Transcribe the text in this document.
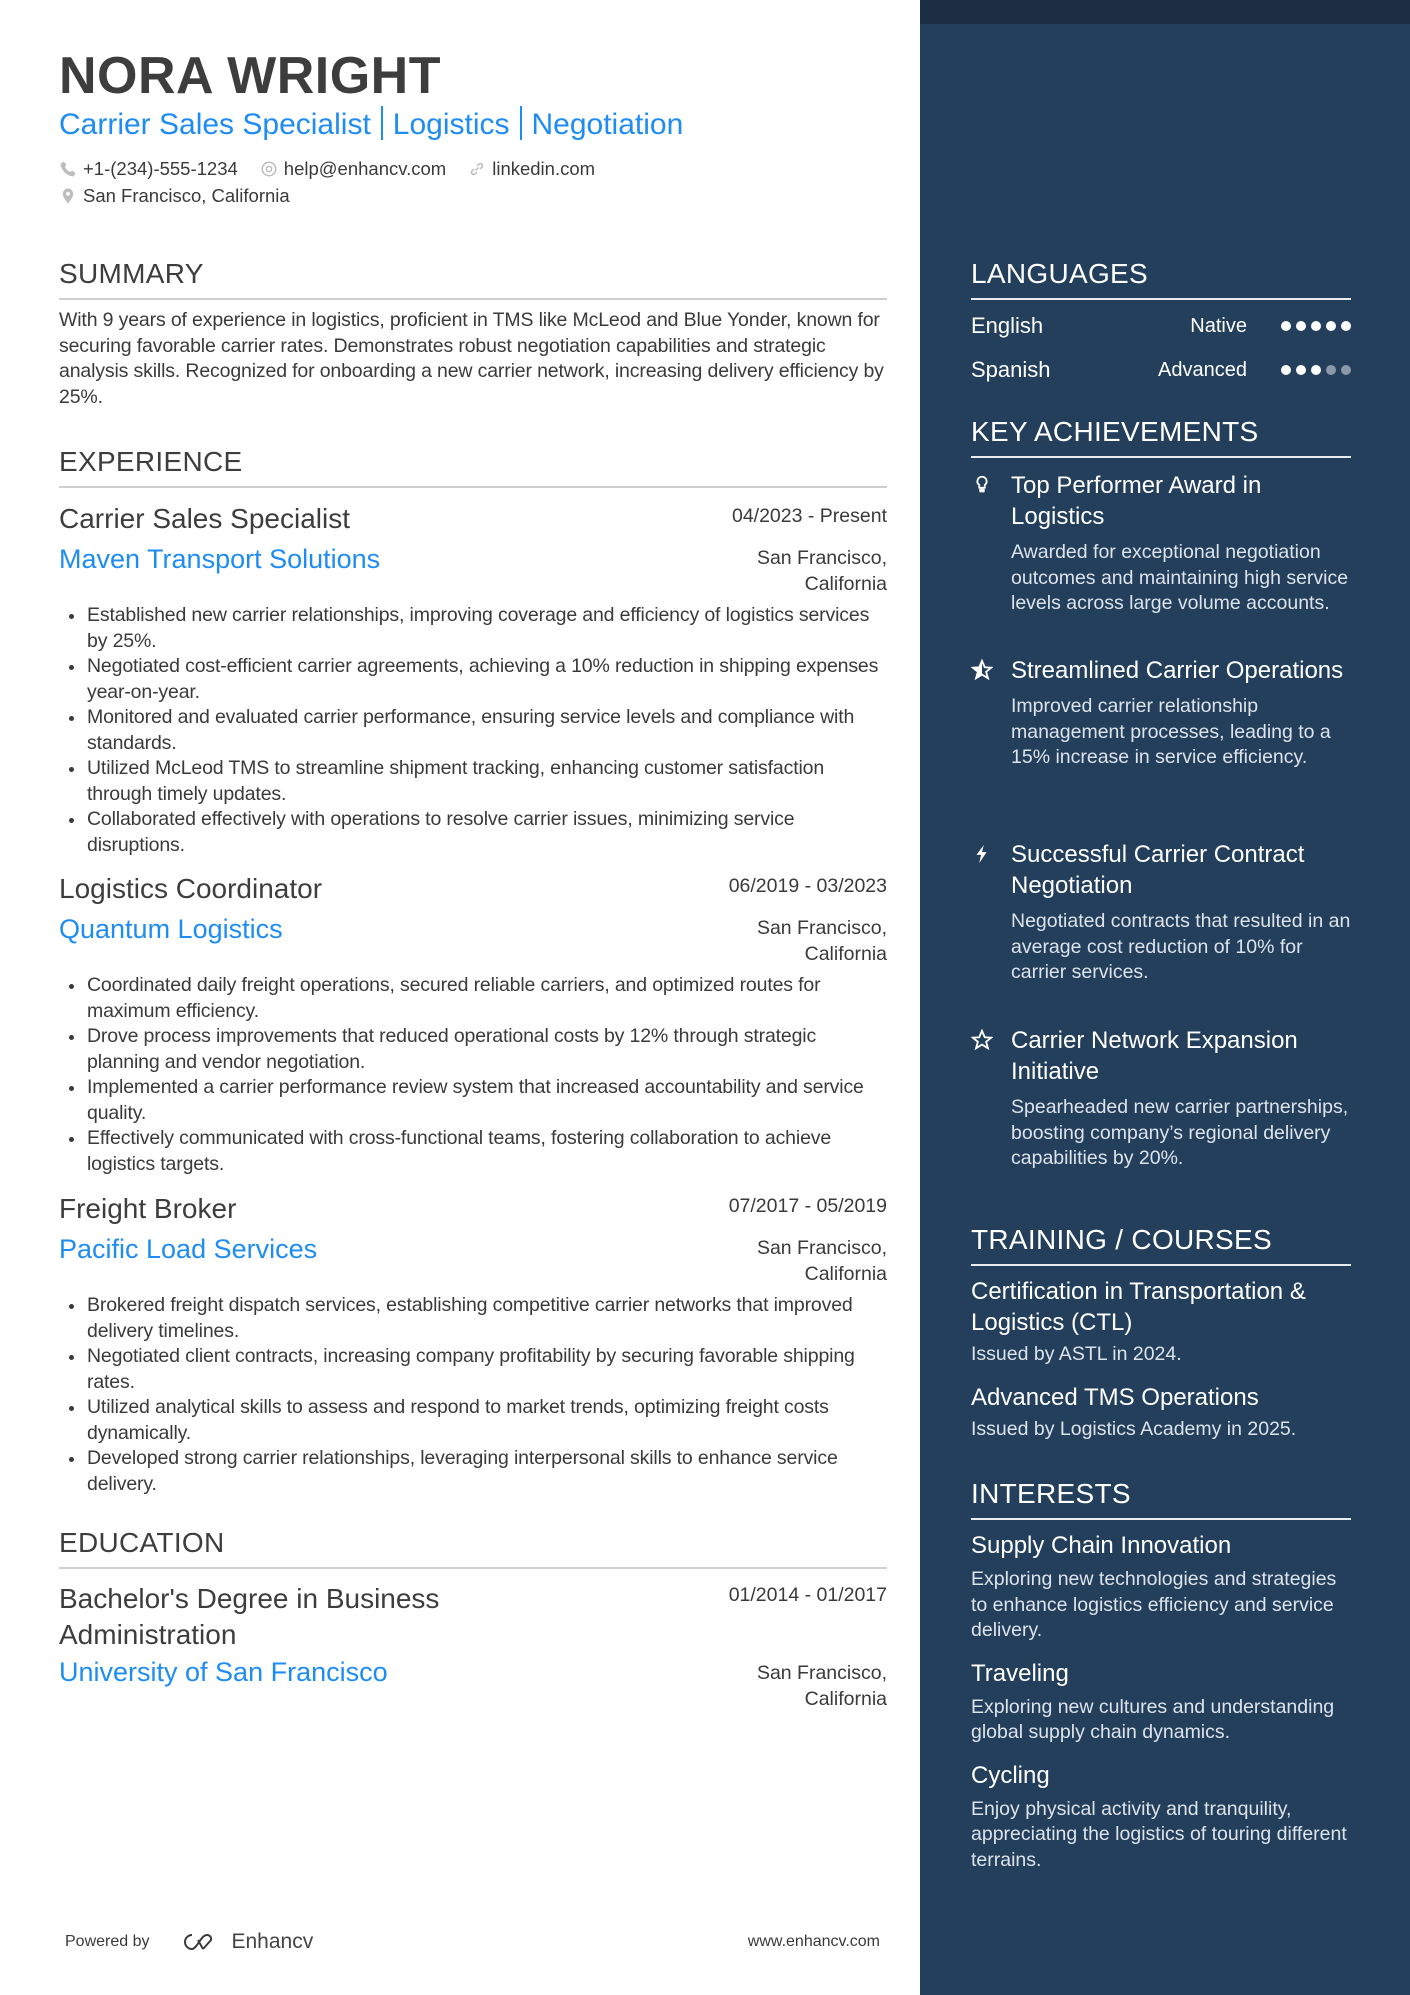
NORA WRIGHT
Carrier Sales Specialist Logistics Negotiation
+1-(234)-555-1234 help@enhancv.com linkedin.com
San Francisco, California
SUMMARY
With 9 years of experience in logistics, proficient in TMS like McLeod and Blue Yonder, known for securing favorable carrier rates. Demonstrates robust negotiation capabilities and strategic analysis skills. Recognized for onboarding a new carrier network, increasing delivery efficiency by 25%.
EXPERIENCE
Carrier Sales Specialist	04/2023 - Present
Maven Transport Solutions	San Francisco,
California
Established new carrier relationships, improving coverage and efficiency of logistics services by 25%.
Negotiated cost-efficient carrier agreements, achieving a 10% reduction in shipping expenses year-on-year.
Monitored and evaluated carrier performance, ensuring service levels and compliance with standards.
Utilized McLeod TMS to streamline shipment tracking, enhancing customer satisfaction through timely updates.
Collaborated effectively with operations to resolve carrier issues, minimizing service disruptions.
Logistics Coordinator	06/2019 - 03/2023
Quantum Logistics	San Francisco,
California
Coordinated daily freight operations, secured reliable carriers, and optimized routes for maximum efficiency.
Drove process improvements that reduced operational costs by 12% through strategic planning and vendor negotiation.
Implemented a carrier performance review system that increased accountability and service quality.
Effectively communicated with cross-functional teams, fostering collaboration to achieve logistics targets.
Freight Broker	07/2017 - 05/2019
Pacific Load Services	San Francisco,
California
Brokered freight dispatch services, establishing competitive carrier networks that improved delivery timelines.
Negotiated client contracts, increasing company profitability by securing favorable shipping rates.
Utilized analytical skills to assess and respond to market trends, optimizing freight costs dynamically.
Developed strong carrier relationships, leveraging interpersonal skills to enhance service delivery.
EDUCATION
Bachelor's Degree in Business Administration
01/2014 - 01/2017
University of San Francisco	San Francisco,
California
LANGUAGES
English	Native
Spanish	Advanced
KEY ACHIEVEMENTS
Top Performer Award in Logistics
Awarded for exceptional negotiation outcomes and maintaining high service levels across large volume accounts.
Streamlined Carrier Operations
Improved carrier relationship management processes, leading to a 15% increase in service efficiency.
Successful Carrier Contract Negotiation
Negotiated contracts that resulted in an average cost reduction of 10% for carrier services.
Carrier Network Expansion Initiative
Spearheaded new carrier partnerships, boosting company’s regional delivery capabilities by 20%.
TRAINING / COURSES
Certification in Transportation & Logistics (CTL)
Issued by ASTL in 2024.
Advanced TMS Operations
Issued by Logistics Academy in 2025.
INTERESTS
Supply Chain Innovation
Exploring new technologies and strategies to enhance logistics efficiency and service delivery.
Traveling
Exploring new cultures and understanding global supply chain dynamics.
Cycling
Enjoy physical activity and tranquility, appreciating the logistics of touring different terrains.
Powered by	Enhancv	www.enhancv.com
